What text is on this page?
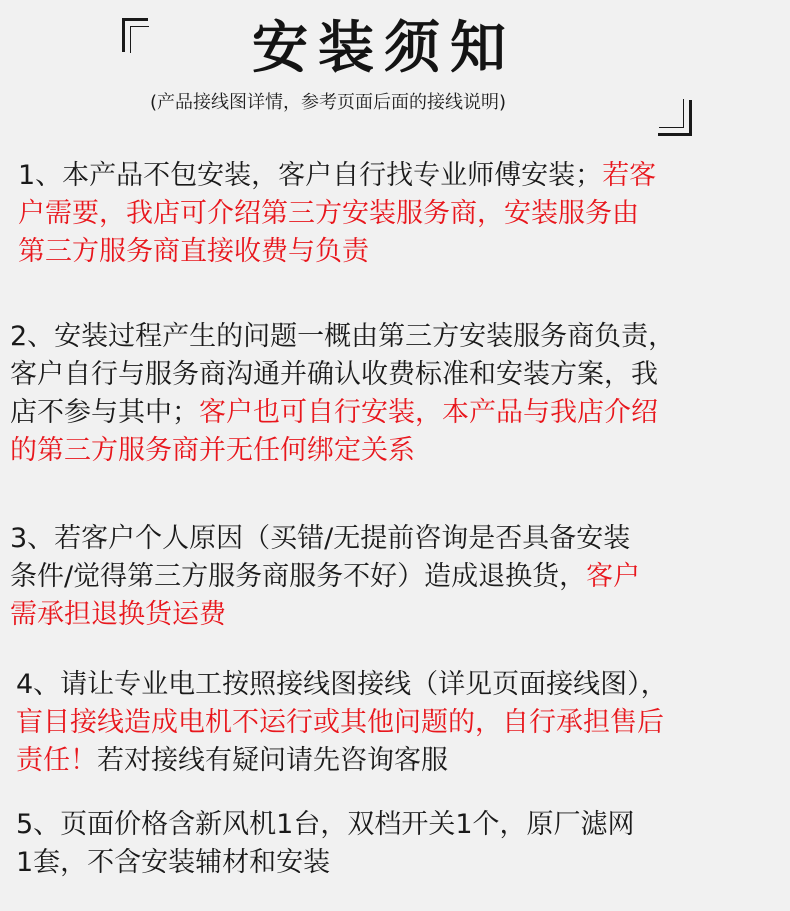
安装须知
(产品接线图详情，参考页面后面的接线说明)
1、本产品不包安装，客户自行找专业师傅安装；若客
户需要，我店可介绍第三方安装服务商，安装服务由
第三方服务商直接收费与负责
2、安装过程产生的问题一概由第三方安装服务商负责，
客户自行与服务商沟通并确认收费标准和安装方案，我
店不参与其中；客户也可自行安装，本产品与我店介绍
的第三方服务商并无任何绑定关系
3、若客户个人原因（买错/无提前咨询是否具备安装
条件/觉得第三方服务商服务不好）造成退换货，客户
需承担退换货运费
4、请让专业电工按照接线图接线（详见页面接线图），
盲目接线造成电机不运行或其他问题的，自行承担售后
责任！若对接线有疑问请先咨询客服
5、页面价格含新风机1台，双档开关1个，原厂滤网
1套，不含安装辅材和安装
